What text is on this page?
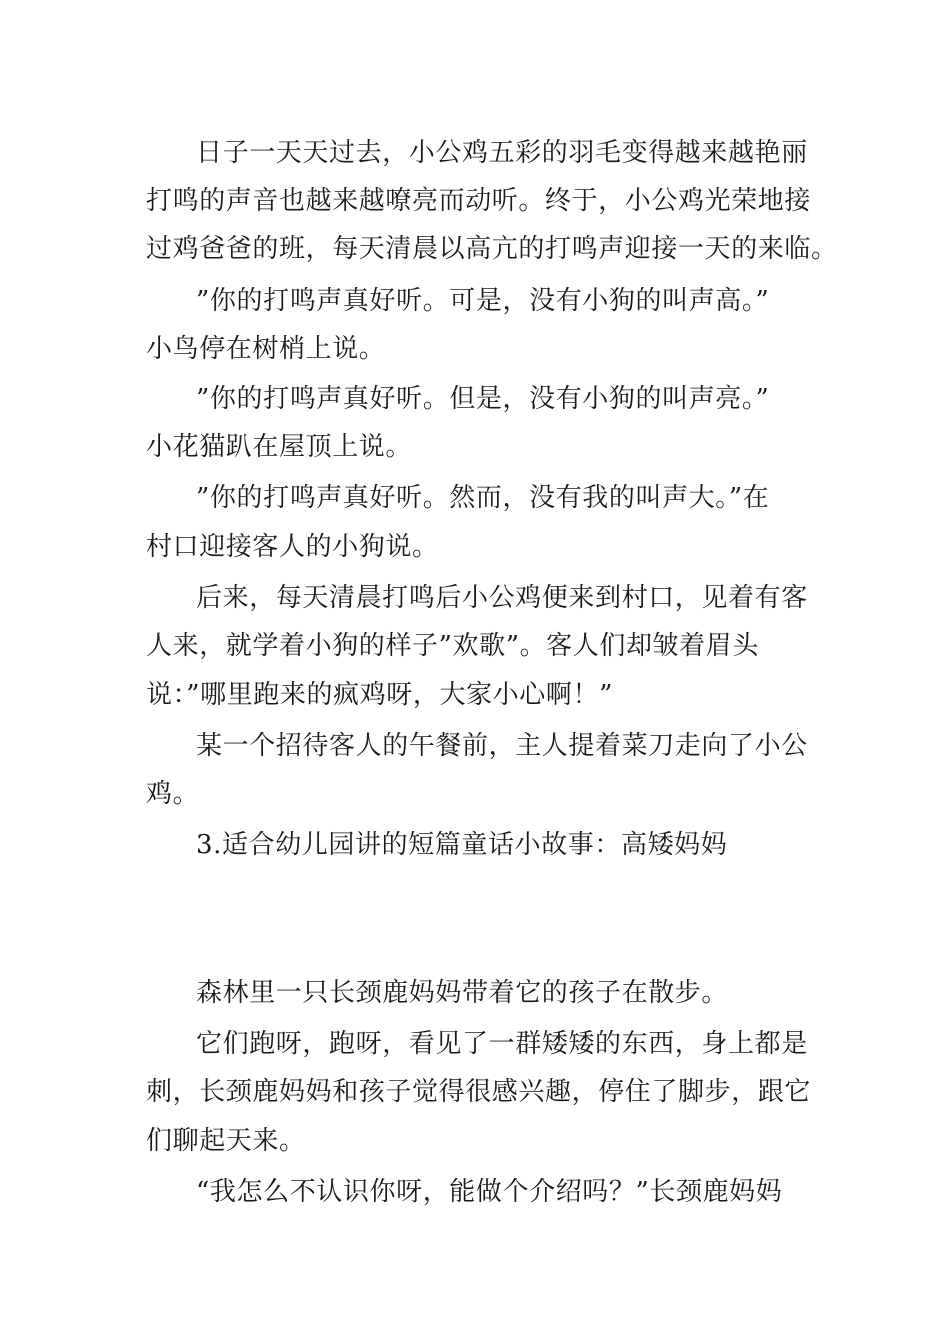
日子一天天过去，小公鸡五彩的羽毛变得越来越艳丽
打鸣的声音也越来越嘹亮而动听。终于，小公鸡光荣地接
过鸡爸爸的班，每天清晨以高亢的打鸣声迎接一天的来临。
”你的打鸣声真好听。可是，没有小狗的叫声高。”
小鸟停在树梢上说。
”你的打鸣声真好听。但是，没有小狗的叫声亮。”
小花猫趴在屋顶上说。
”你的打鸣声真好听。然而，没有我的叫声大。”在
村口迎接客人的小狗说。
后来，每天清晨打鸣后小公鸡便来到村口，见着有客
人来，就学着小狗的样子”欢歌”。客人们却皱着眉头
说：”哪里跑来的疯鸡呀，大家小心啊！”
某一个招待客人的午餐前，主人提着菜刀走向了小公
鸡。
3.适合幼儿园讲的短篇童话小故事：高矮妈妈
森林里一只长颈鹿妈妈带着它的孩子在散步。
它们跑呀，跑呀，看见了一群矮矮的东西，身上都是
刺，长颈鹿妈妈和孩子觉得很感兴趣，停住了脚步，跟它
们聊起天来。
“我怎么不认识你呀，能做个介绍吗？”长颈鹿妈妈
